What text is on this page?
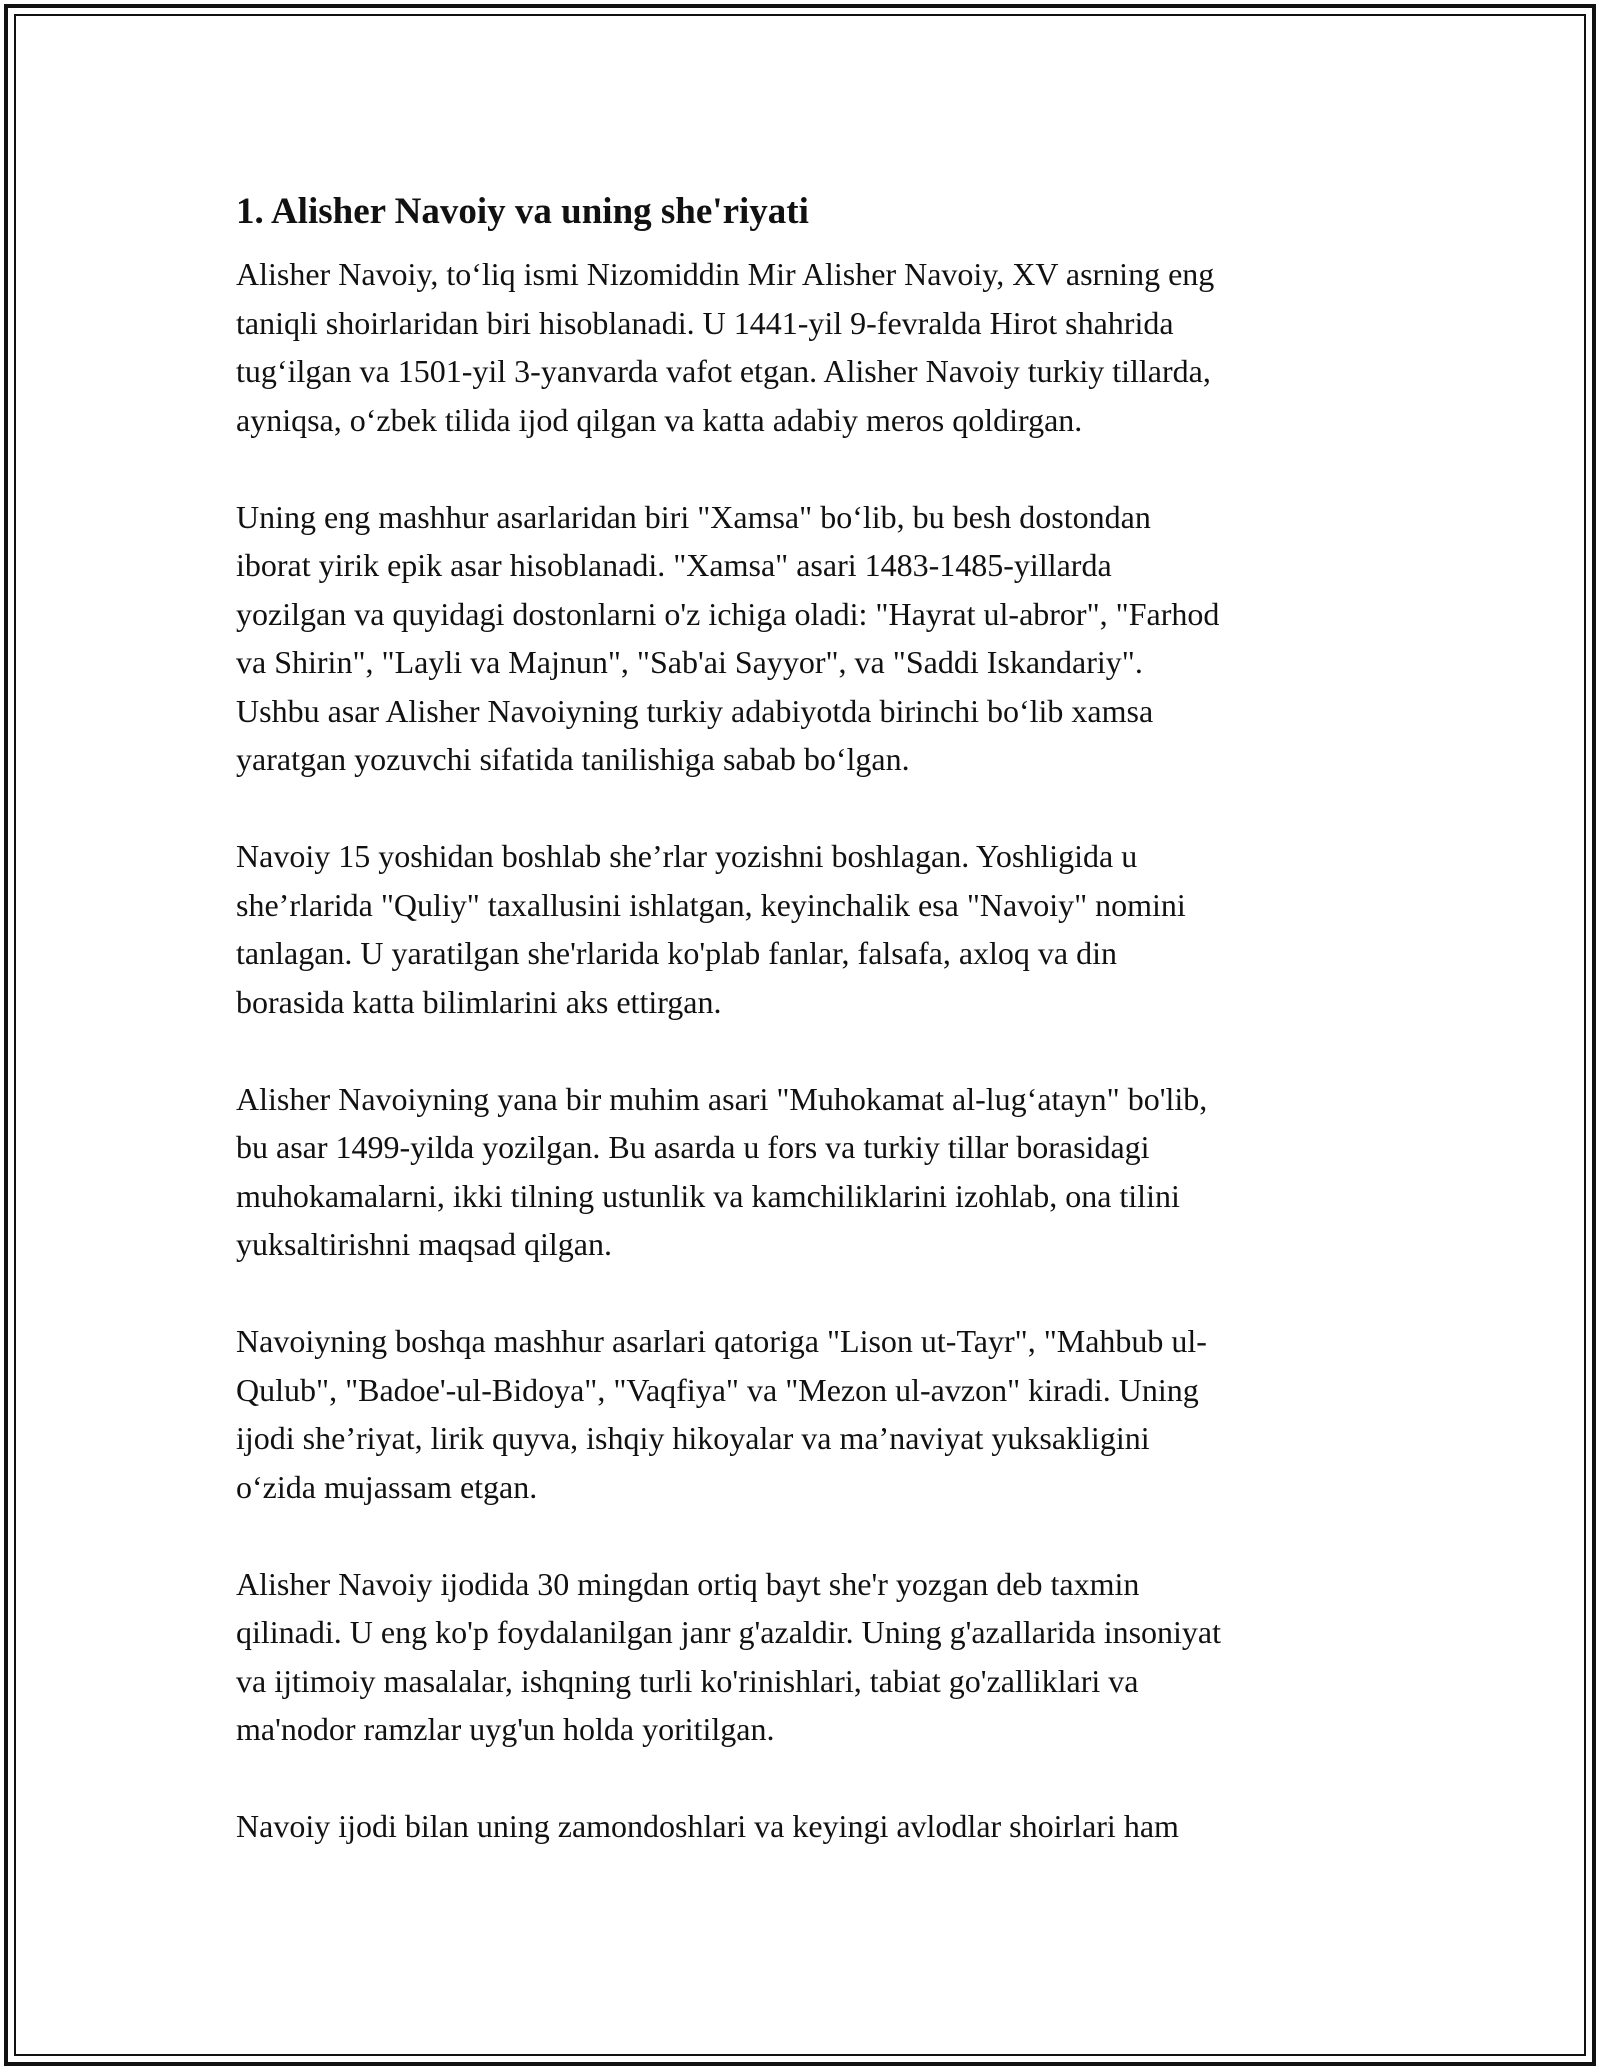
1. Alisher Navoiy va uning she'riyati

Alisher Navoiy, to‘liq ismi Nizomiddin Mir Alisher Navoiy, XV asrning eng
taniqli shoirlaridan biri hisoblanadi. U 1441-yil 9-fevralda Hirot shahrida
tug‘ilgan va 1501-yil 3-yanvarda vafot etgan. Alisher Navoiy turkiy tillarda,
ayniqsa, o‘zbek tilida ijod qilgan va katta adabiy meros qoldirgan.

Uning eng mashhur asarlaridan biri "Xamsa" bo‘lib, bu besh dostondan
iborat yirik epik asar hisoblanadi. "Xamsa" asari 1483-1485-yillarda
yozilgan va quyidagi dostonlarni o'z ichiga oladi: "Hayrat ul-abror", "Farhod
va Shirin", "Layli va Majnun", "Sab'ai Sayyor", va "Saddi Iskandariy".
Ushbu asar Alisher Navoiyning turkiy adabiyotda birinchi bo‘lib xamsa
yaratgan yozuvchi sifatida tanilishiga sabab bo‘lgan.

Navoiy 15 yoshidan boshlab she’rlar yozishni boshlagan. Yoshligida u
she’rlarida "Quliy" taxallusini ishlatgan, keyinchalik esa "Navoiy" nomini
tanlagan. U yaratilgan she'rlarida ko'plab fanlar, falsafa, axloq va din
borasida katta bilimlarini aks ettirgan.

Alisher Navoiyning yana bir muhim asari "Muhokamat al-lug‘atayn" bo'lib,
bu asar 1499-yilda yozilgan. Bu asarda u fors va turkiy tillar borasidagi
muhokamalarni, ikki tilning ustunlik va kamchiliklarini izohlab, ona tilini
yuksaltirishni maqsad qilgan.

Navoiyning boshqa mashhur asarlari qatoriga "Lison ut-Tayr", "Mahbub ul-
Qulub", "Badoe'-ul-Bidoya", "Vaqfiya" va "Mezon ul-avzon" kiradi. Uning
ijodi she’riyat, lirik quyva, ishqiy hikoyalar va ma’naviyat yuksakligini
o‘zida mujassam etgan.

Alisher Navoiy ijodida 30 mingdan ortiq bayt she'r yozgan deb taxmin
qilinadi. U eng ko'p foydalanilgan janr g'azaldir. Uning g'azallarida insoniyat
va ijtimoiy masalalar, ishqning turli ko'rinishlari, tabiat go'zalliklari va
ma'nodor ramzlar uyg'un holda yoritilgan.

Navoiy ijodi bilan uning zamondoshlari va keyingi avlodlar shoirlari ham
